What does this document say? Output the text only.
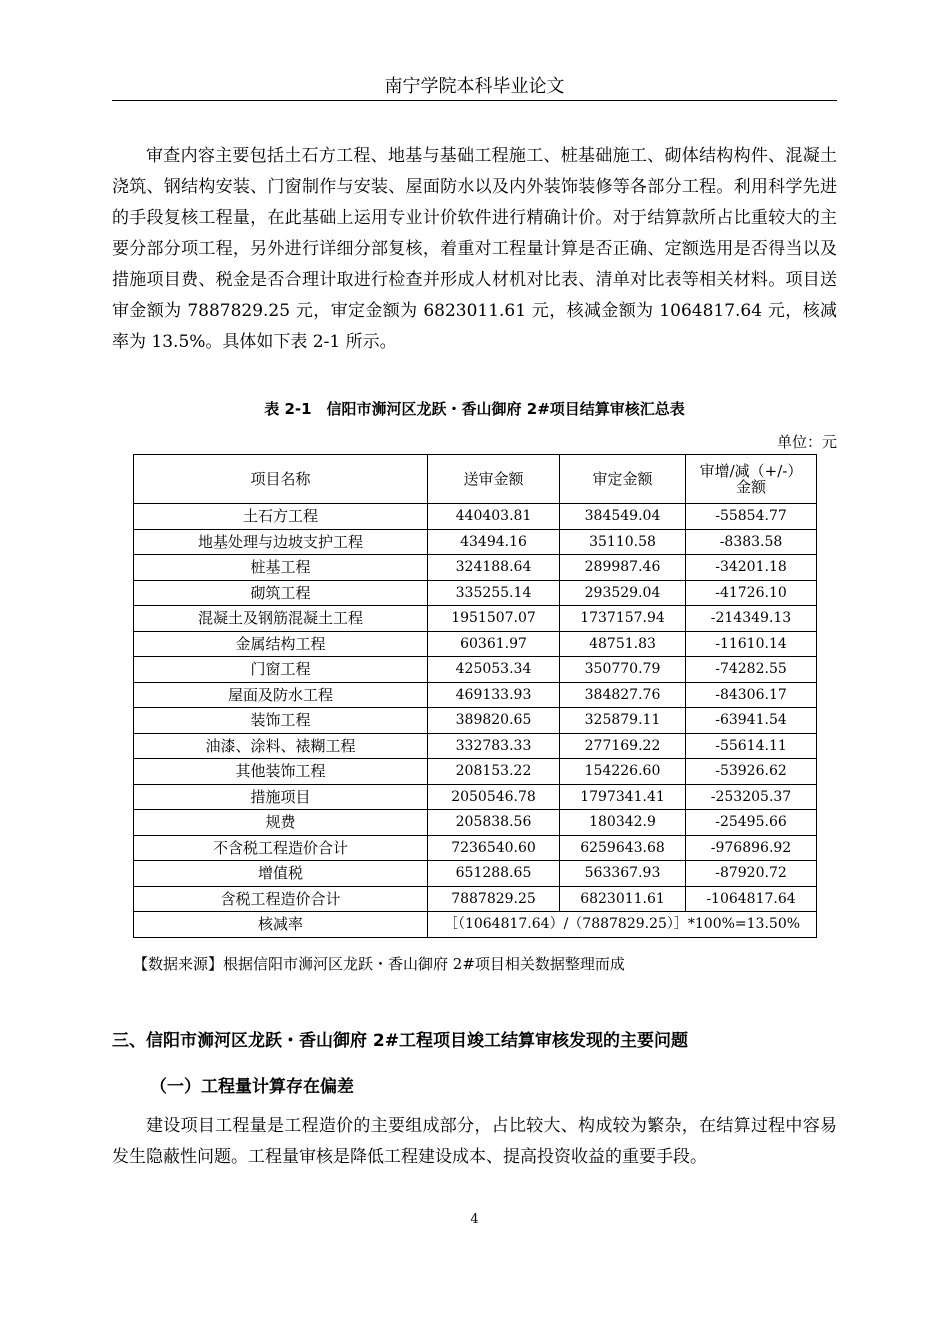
南宁学院本科毕业论文

审查内容主要包括土石方工程、地基与基础工程施工、桩基础施工、砌体结构构件、混凝土浇筑、钢结构安装、门窗制作与安装、屋面防水以及内外装饰装修等各部分工程。利用科学先进的手段复核工程量，在此基础上运用专业计价软件进行精确计价。对于结算款所占比重较大的主要分部分项工程，另外进行详细分部复核，着重对工程量计算是否正确、定额选用是否得当以及措施项目费、税金是否合理计取进行检查并形成人材机对比表、清单对比表等相关材料。项目送审金额为 7887829.25 元，审定金额为 6823011.61 元，核减金额为 1064817.64 元，核减率为 13.5%。具体如下表 2-1 所示。

表 2-1　信阳市浉河区龙跃・香山御府 2#项目结算审核汇总表
单位：元
项目名称	送审金额	审定金额	审增/减（+/-）
金额
土石方工程	440403.81	384549.04	-55854.77
地基处理与边坡支护工程	43494.16	35110.58	-8383.58
桩基工程	324188.64	289987.46	-34201.18
砌筑工程	335255.14	293529.04	-41726.10
混凝土及钢筋混凝土工程	1951507.07	1737157.94	-214349.13
金属结构工程	60361.97	48751.83	-11610.14
门窗工程	425053.34	350770.79	-74282.55
屋面及防水工程	469133.93	384827.76	-84306.17
装饰工程	389820.65	325879.11	-63941.54
油漆、涂料、裱糊工程	332783.33	277169.22	-55614.11
其他装饰工程	208153.22	154226.60	-53926.62
措施项目	2050546.78	1797341.41	-253205.37
规费	205838.56	180342.9	-25495.66
不含税工程造价合计	7236540.60	6259643.68	-976896.92
增值税	651288.65	563367.93	-87920.72
含税工程造价合计	7887829.25	6823011.61	-1064817.64
核减率	［（1064817.64）/（7887829.25）］*100%=13.50%		
【数据来源】根据信阳市浉河区龙跃・香山御府 2#项目相关数据整理而成
三、信阳市浉河区龙跃・香山御府 2#工程项目竣工结算审核发现的主要问题
（一）工程量计算存在偏差

建设项目工程量是工程造价的主要组成部分，占比较大、构成较为繁杂，在结算过程中容易发生隐蔽性问题。工程量审核是降低工程建设成本、提高投资收益的重要手段。

4
